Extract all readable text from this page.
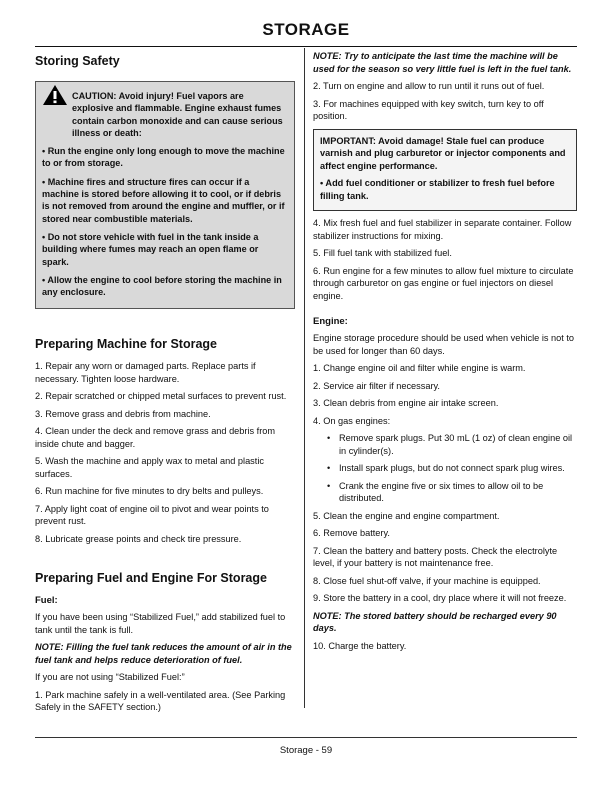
STORAGE
Storing Safety

CAUTION: Avoid injury! Fuel vapors are explosive and flammable. Engine exhaust fumes contain carbon monoxide and can cause serious illness or death:

• Run the engine only long enough to move the machine to or from storage.

• Machine fires and structure fires can occur if a machine is stored before allowing it to cool, or if debris is not removed from around the engine and muffler, or if stored near combustible materials.

• Do not store vehicle with fuel in the tank inside a building where fumes may reach an open flame or spark.

• Allow the engine to cool before storing the machine in any enclosure.

Preparing Machine for Storage

1. Repair any worn or damaged parts. Replace parts if necessary. Tighten loose hardware.

2. Repair scratched or chipped metal surfaces to prevent rust.

3. Remove grass and debris from machine.

4. Clean under the deck and remove grass and debris from inside chute and bagger.

5. Wash the machine and apply wax to metal and plastic surfaces.

6. Run machine for five minutes to dry belts and pulleys.

7. Apply light coat of engine oil to pivot and wear points to prevent rust.

8. Lubricate grease points and check tire pressure.

Preparing Fuel and Engine For Storage
Fuel:

If you have been using “Stabilized Fuel,” add stabilized fuel to tank until the tank is full.

NOTE: Filling the fuel tank reduces the amount of air in the fuel tank and helps reduce deterioration of fuel.

If you are not using “Stabilized Fuel:”

1. Park machine safely in a well-ventilated area. (See Parking Safely in the SAFETY section.)

NOTE: Try to anticipate the last time the machine will be used for the season so very little fuel is left in the fuel tank.

2. Turn on engine and allow to run until it runs out of fuel.

3. For machines equipped with key switch, turn key to off position.

IMPORTANT: Avoid damage! Stale fuel can produce varnish and plug carburetor or injector components and affect engine performance.

• Add fuel conditioner or stabilizer to fresh fuel before filling tank.

4. Mix fresh fuel and fuel stabilizer in separate container. Follow stabilizer instructions for mixing.

5. Fill fuel tank with stabilized fuel.

6. Run engine for a few minutes to allow fuel mixture to circulate through carburetor on gas engine or fuel injectors on diesel engine.

Engine:

Engine storage procedure should be used when vehicle is not to be used for longer than 60 days.

1. Change engine oil and filter while engine is warm.

2. Service air filter if necessary.

3. Clean debris from engine air intake screen.

4. On gas engines:

• Remove spark plugs. Put 30 mL (1 oz) of clean engine oil in cylinder(s).

• Install spark plugs, but do not connect spark plug wires.

• Crank the engine five or six times to allow oil to be distributed.

5. Clean the engine and engine compartment.

6. Remove battery.

7. Clean the battery and battery posts. Check the electrolyte level, if your battery is not maintenance free.

8. Close fuel shut-off valve, if your machine is equipped.

9. Store the battery in a cool, dry place where it will not freeze.

NOTE: The stored battery should be recharged every 90 days.

10. Charge the battery.

Storage - 59
